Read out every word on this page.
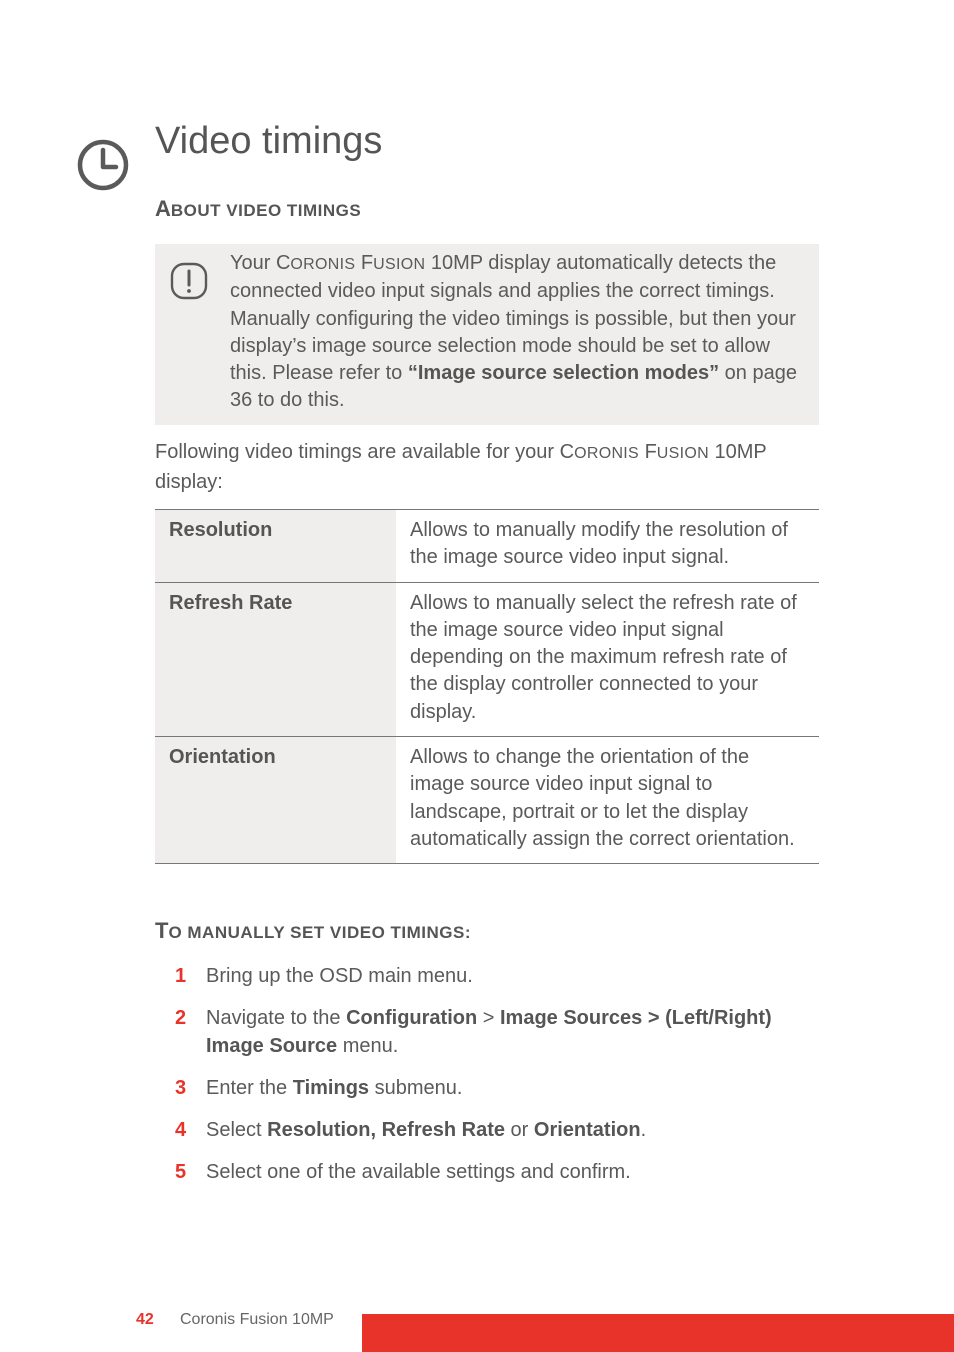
Video timings
ABOUT VIDEO TIMINGS

Your CORONIS FUSION 10MP display automatically detects the connected video input signals and applies the correct timings. Manually configuring the video timings is possible, but then your display’s image source selection mode should be set to allow this. Please refer to “Image source selection modes” on page 36 to do this.

Following video timings are available for your CORONIS FUSION 10MP display:

Resolution	Allows to manually modify the resolution of the image source video input signal.
Refresh Rate	Allows to manually select the refresh rate of the image source video input signal depending on the maximum refresh rate of the display controller connected to your display.
Orientation	Allows to change the orientation of the image source video input signal to landscape, portrait or to let the display automatically assign the correct orientation.
TO MANUALLY SET VIDEO TIMINGS:
1 Bring up the OSD main menu.
2 Navigate to the Configuration > Image Sources > (Left/Right) Image Source menu.
3 Enter the Timings submenu.
4 Select Resolution, Refresh Rate or Orientation.
5 Select one of the available settings and confirm.
42 Coronis Fusion 10MP
